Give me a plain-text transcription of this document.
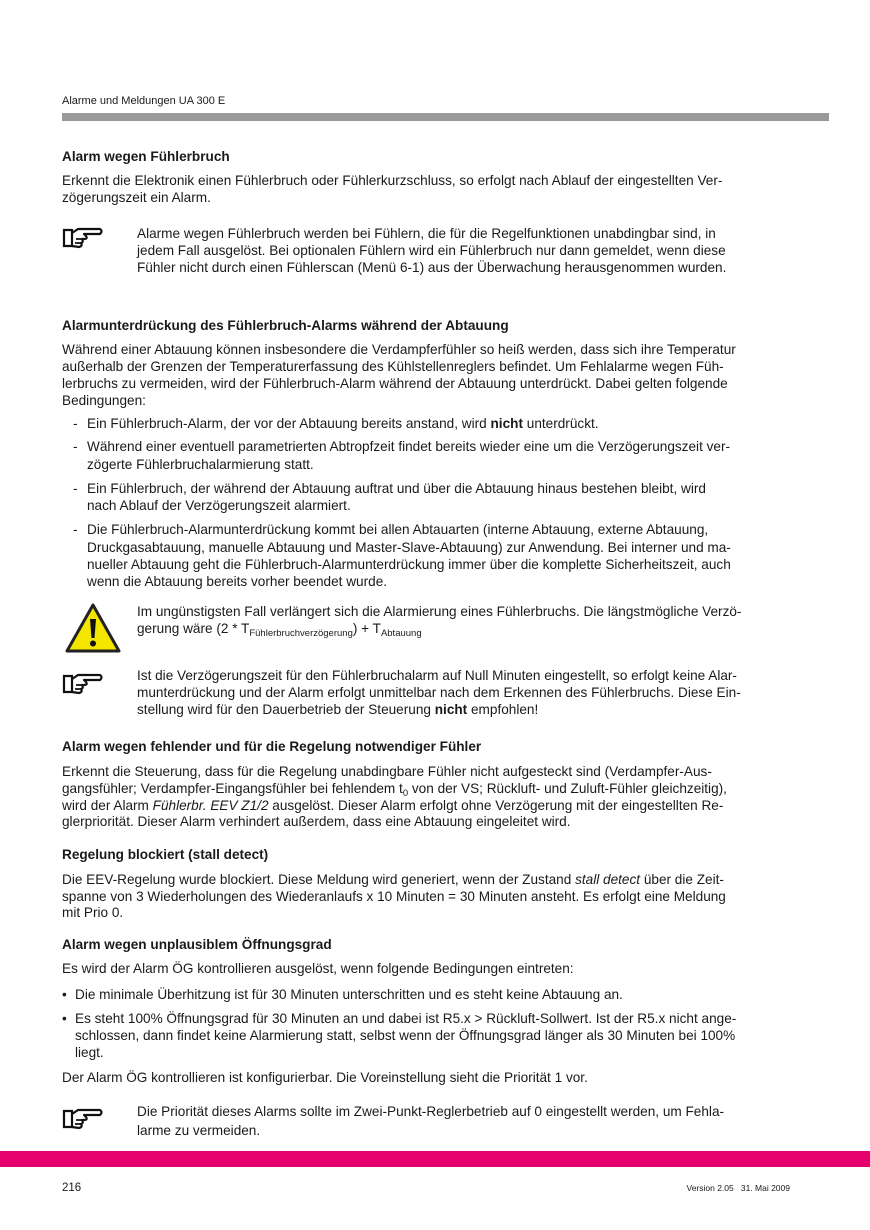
Alarme und Meldungen UA 300 E
Alarm wegen Fühlerbruch
Erkennt die Elektronik einen Fühlerbruch oder Fühlerkurzschluss, so erfolgt nach Ablauf der eingestellten Ver-
zögerungszeit ein Alarm.
Alarme wegen Fühlerbruch werden bei Fühlern, die für die Regelfunktionen unabdingbar sind, in
jedem Fall ausgelöst. Bei optionalen Fühlern wird ein Fühlerbruch nur dann gemeldet, wenn diese
Fühler nicht durch einen Fühlerscan (Menü 6-1) aus der Überwachung herausgenommen wurden.
Alarmunterdrückung des Fühlerbruch-Alarms während der Abtauung
Während einer Abtauung können insbesondere die Verdampferfühler so heiß werden, dass sich ihre Temperatur
außerhalb der Grenzen der Temperaturerfassung des Kühlstellenreglers befindet. Um Fehlalarme wegen Füh-
lerbruchs zu vermeiden, wird der Fühlerbruch-Alarm während der Abtauung unterdrückt. Dabei gelten folgende
Bedingungen:
- Ein Fühlerbruch-Alarm, der vor der Abtauung bereits anstand, wird nicht unterdrückt.
- Während einer eventuell parametrierten Abtropfzeit findet bereits wieder eine um die Verzögerungszeit ver-
zögerte Fühlerbruchalarmierung statt.
- Ein Fühlerbruch, der während der Abtauung auftrat und über die Abtauung hinaus bestehen bleibt, wird
nach Ablauf der Verzögerungszeit alarmiert.
- Die Fühlerbruch-Alarmunterdrückung kommt bei allen Abtauarten (interne Abtauung, externe Abtauung,
Druckgasabtauung, manuelle Abtauung und Master-Slave-Abtauung) zur Anwendung. Bei interner und ma-
nueller Abtauung geht die Fühlerbruch-Alarmunterdrückung immer über die komplette Sicherheitszeit, auch
wenn die Abtauung bereits vorher beendet wurde.
Im ungünstigsten Fall verlängert sich die Alarmierung eines Fühlerbruchs. Die längstmögliche Verzö-
gerung wäre $(2 * T_{Fühlerbruchverzögerung}) + T_{Abtauung}$
Ist die Verzögerungszeit für den Fühlerbruchalarm auf Null Minuten eingestellt, so erfolgt keine Alar-
munterdrückung und der Alarm erfolgt unmittelbar nach dem Erkennen des Fühlerbruchs. Diese Ein-
stellung wird für den Dauerbetrieb der Steuerung nicht empfohlen!
Alarm wegen fehlender und für die Regelung notwendiger Fühler
Erkennt die Steuerung, dass für die Regelung unabdingbare Fühler nicht aufgesteckt sind (Verdampfer-Aus-
gangsfühler; Verdampfer-Eingangsfühler bei fehlendem $t_0$ von der VS; Rückluft- und Zuluft-Fühler gleichzeitig),
wird der Alarm Fühlerbr. EEV Z1/2 ausgelöst. Dieser Alarm erfolgt ohne Verzögerung mit der eingestellten Re-
glerpriorität. Dieser Alarm verhindert außerdem, dass eine Abtauung eingeleitet wird.
Regelung blockiert (stall detect)
Die EEV-Regelung wurde blockiert. Diese Meldung wird generiert, wenn der Zustand stall detect über die Zeit-
spanne von 3 Wiederholungen des Wiederanlaufs x 10 Minuten = 30 Minuten ansteht. Es erfolgt eine Meldung
mit Prio 0.
Alarm wegen unplausiblem Öffnungsgrad
Es wird der Alarm ÖG kontrollieren ausgelöst, wenn folgende Bedingungen eintreten:
• Die minimale Überhitzung ist für 30 Minuten unterschritten und es steht keine Abtauung an.
• Es steht 100% Öffnungsgrad für 30 Minuten an und dabei ist R5.x > Rückluft-Sollwert. Ist der R5.x nicht ange-
schlossen, dann findet keine Alarmierung statt, selbst wenn der Öffnungsgrad länger als 30 Minuten bei 100%
liegt.
Der Alarm ÖG kontrollieren ist konfigurierbar. Die Voreinstellung sieht die Priorität 1 vor.
Die Priorität dieses Alarms sollte im Zwei-Punkt-Reglerbetrieb auf 0 eingestellt werden, um Fehla-
larme zu vermeiden.
216	Version 2.05   31. Mai 2009
